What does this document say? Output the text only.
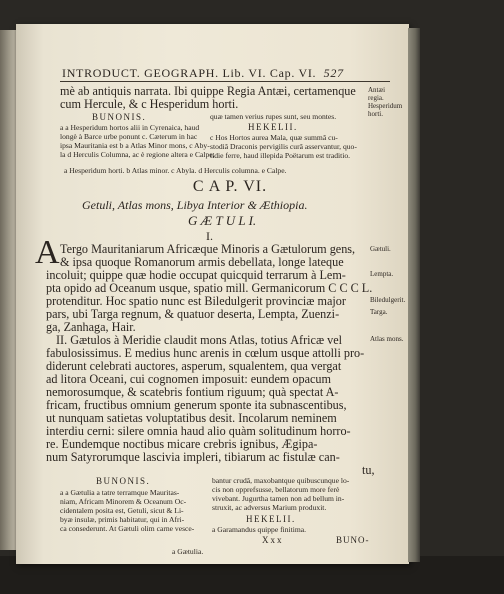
INTRODUCT. GEOGRAPH. Lib. VI. Cap. VI. 527
mè ab antiquis narrata. Ibi quippe Regia Antæi, certamenque
cum Hercule, & c Hesperidum horti.
Antæi
regia.
Hesperidum
horti.
BUNONIS.
a a Hesperidum hortos alii in Cyrenaica, haud
longè à Barce urbe ponunt c. Cæterum in hac
ipsa Mauritania est b a Atlas Minor mons, c Aby-
la d Herculis Columna, ac è regione altera e Calpe;
quæ tamen verius rupes sunt, seu montes.
HEKELII.
c Hos Hortos aurea Mala, quæ summâ cu-
stodiâ Draconis pervigilis curâ asservantur, quo-
tidie ferre, haud illepida Poëtarum est traditio.
a Hesperidum horti. b Atlas minor. c Abyla. d Herculis columna. e Calpe.
C A P. VI.
Getuli, Atlas mons, Libya Interior & Æthiopia.
G Æ T U L I.
I.
A Tergo Mauritaniarum Africæque Minoris a Gætulorum gens,
& ipsa quoque Romanorum armis debellata, longe lateque
incoluit; quippe quæ hodie occupat quicquid terrarum à Lem-
pta opido ad Oceanum usque, spatio mill. Germanicorum C C C L.
protenditur. Hoc spatio nunc est Biledulgerit provinciæ major
pars, ubi Targa regnum, & quatuor deserta, Lempta, Zuenzi-
ga, Zanhaga, Hair.
II. Gætulos à Meridie claudit mons Atlas, totius Africæ vel
fabulosissimus. E medius hunc arenis in cœlum usque attolli pro-
diderunt celebrati auctores, asperum, squalentem, qua vergat
ad litora Oceani, cui cognomen imposuit: eundem opacum
nemorosumque, & scatebris fontium riguum; quà spectat A-
fricam, fructibus omnium generum sponte ita subnascentibus,
ut nunquam satietas voluptatibus desit. Incolarum neminem
interdiu cerni: silere omnia haud alio quàm solitudinum horro-
re. Eundemque noctibus micare crebris ignibus, Ægipa-
num Satyrorumque lascivia impleri, tibiarum ac fistulæ can-
tu,
Gætuli.
Lempta.
Biledulgerit.
Targa.
Atlas mons.
BUNONIS.
a a Gætulia a tatre terramque Mauritas-
niam, Africam Minorem & Oceanum Oc-
cidentalem posita est, Getuli, sicut & Li-
byæ insulæ, primis habitatur, qui in Afri-
ca consederunt. At Gætuli olim carne vesce-
bantur crudâ, maxobantque quibuscunque lo-
cis non opprefsusse, bellatorum more ferè
vivebant. Jugurtha tamen non ad bellum in-
struxit, ac adversus Marium produxit.
HEKELII.
a Garamandus quippe finitima.
Xxx	BUNO-
a Gætulia.
